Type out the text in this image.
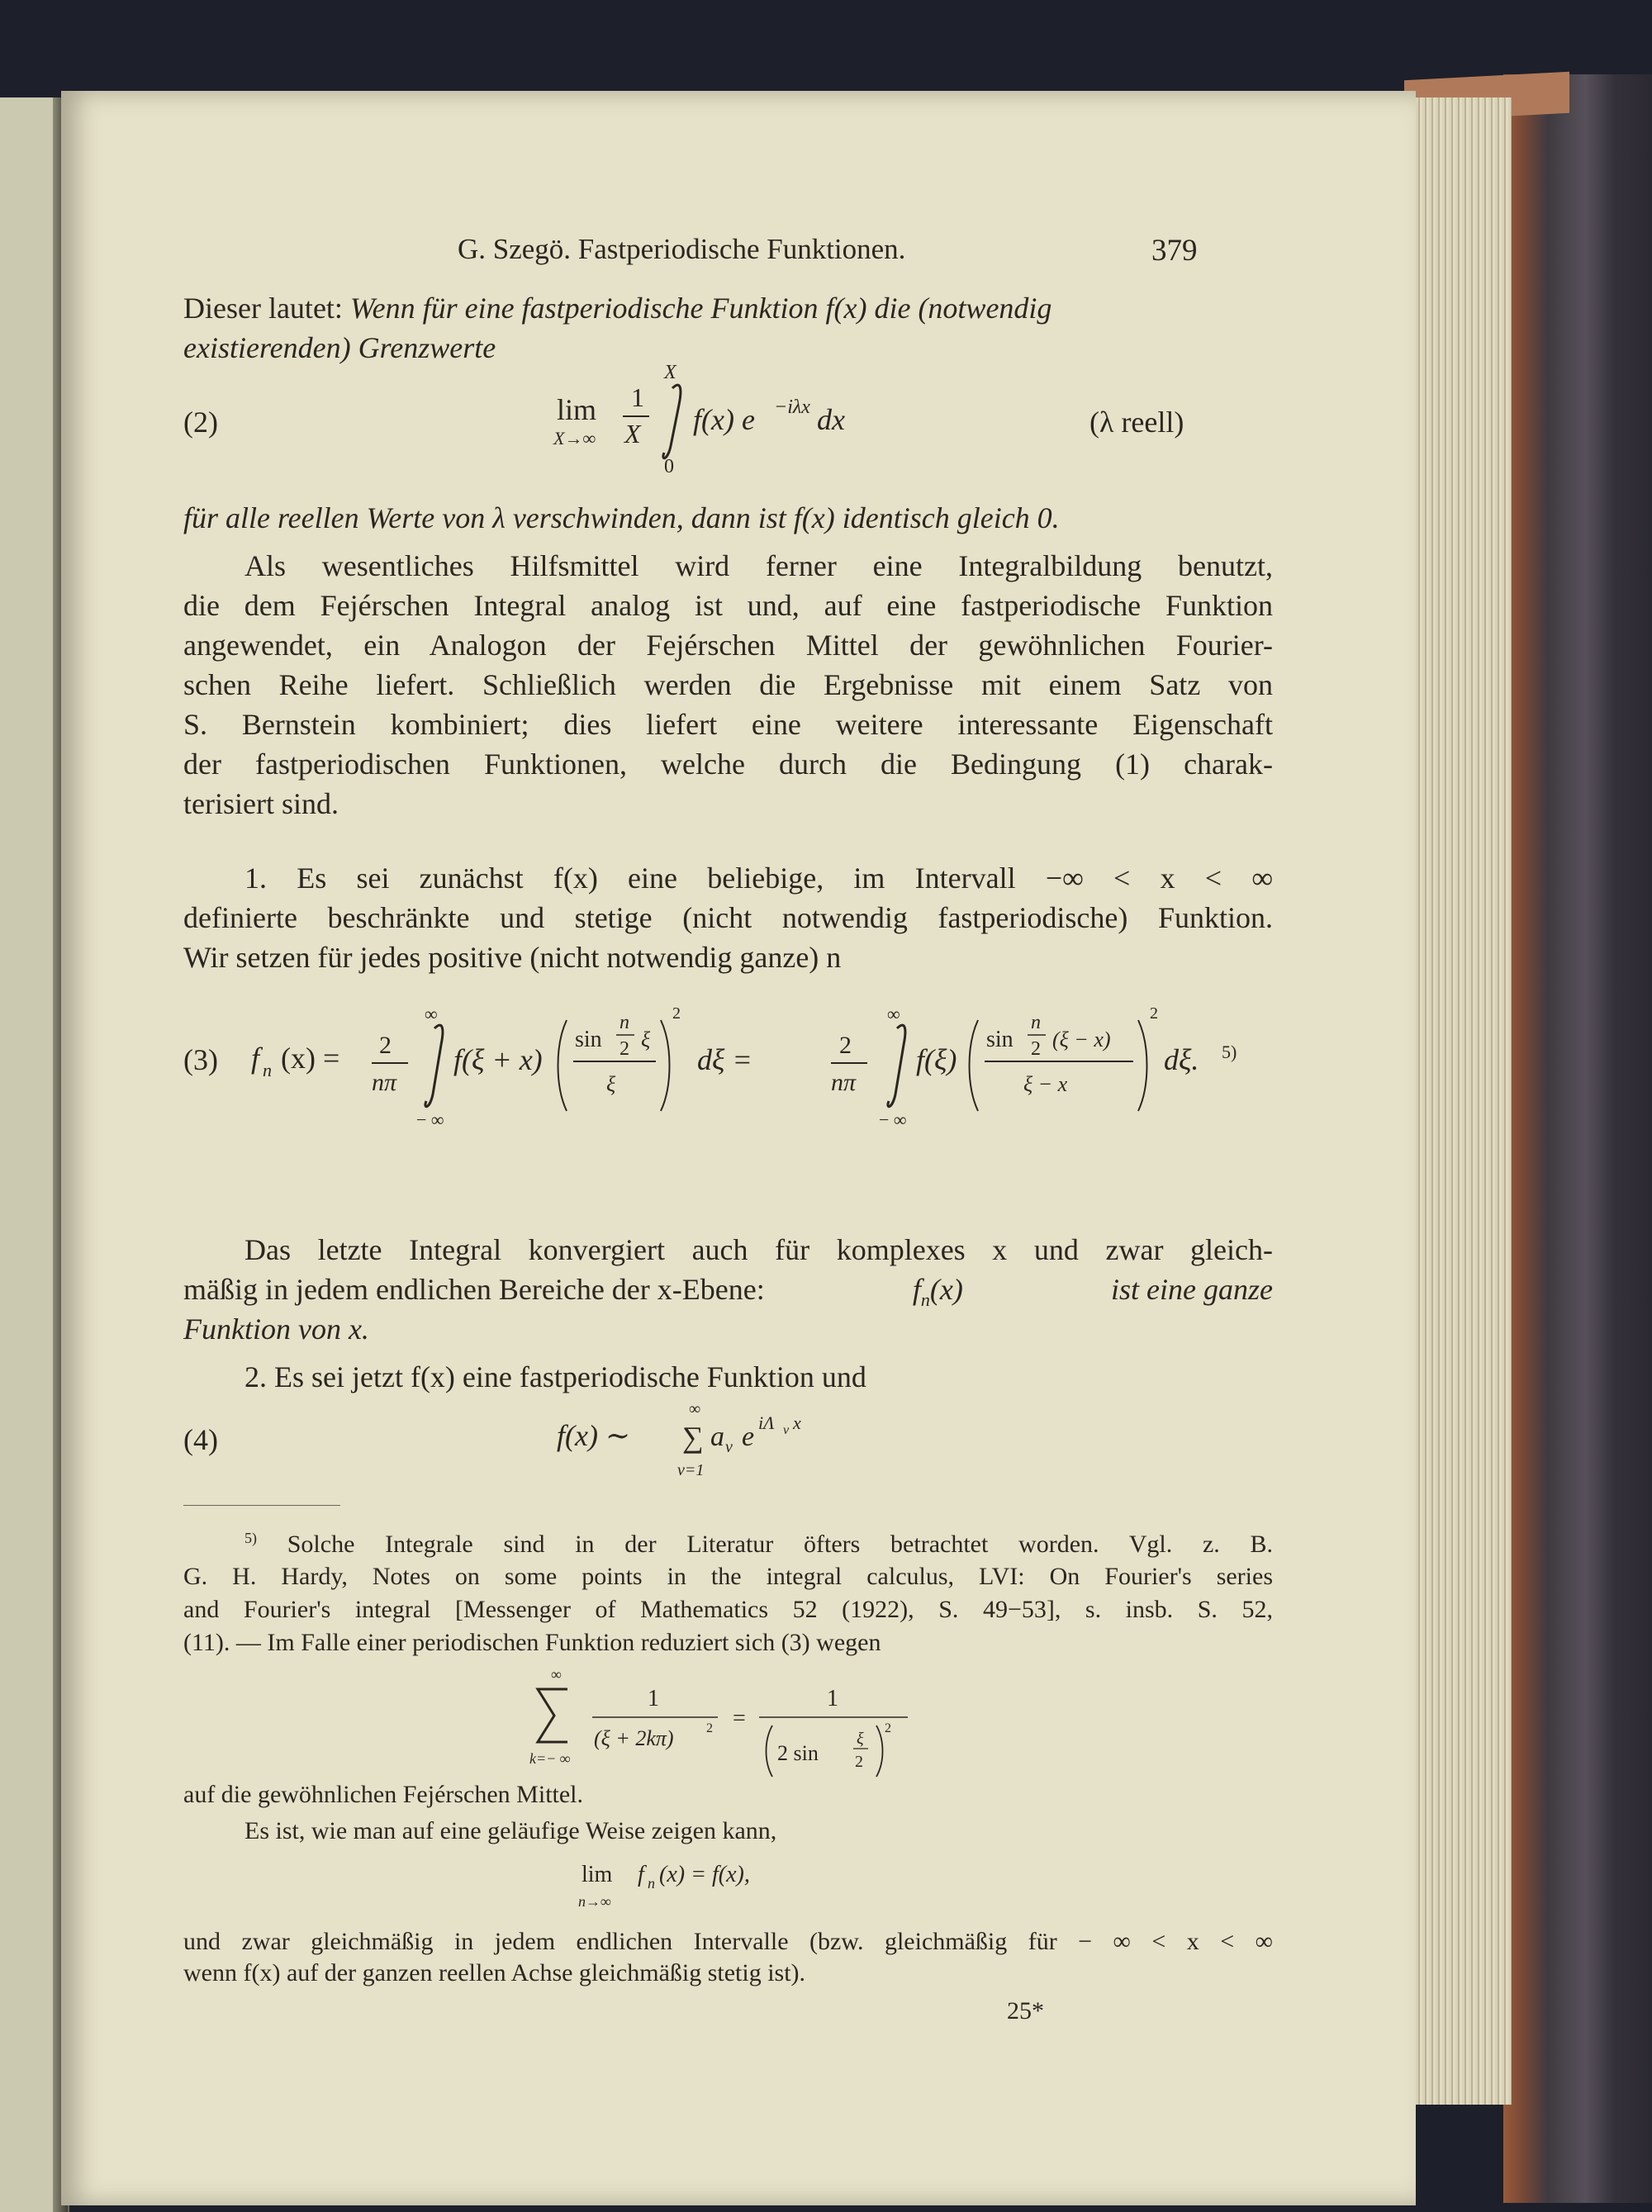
G. Szegö. Fastperiodische Funktionen.	379
Dieser lautet: Wenn für eine fastperiodische Funktion f(x) die (notwendig
existierenden) Grenzwerte
(2)	lim
X→∞
1
X
X
0
f(x) e −iλx dx	(λ reell)
für alle reellen Werte von λ verschwinden, dann ist f(x) identisch gleich 0.
Als wesentliches Hilfsmittel wird ferner eine Integralbildung benutzt,
die dem Fejérschen Integral analog ist und, auf eine fastperiodische Funktion
angewendet, ein Analogon der Fejérschen Mittel der gewöhnlichen Fourier-
schen Reihe liefert. Schließlich werden die Ergebnisse mit einem Satz von
S. Bernstein kombiniert; dies liefert eine weitere interessante Eigenschaft
der fastperiodischen Funktionen, welche durch die Bedingung (1) charak-
terisiert sind.
1. Es sei zunächst f(x) eine beliebige, im Intervall −∞ < x < ∞
definierte beschränkte und stetige (nicht notwendig fastperiodische) Funktion.
Wir setzen für jedes positive (nicht notwendig ganze) n
(3) f n (x) = 2
nπ
∞
− ∞
f(ξ + x)
sin
n
2 ξ
ξ
2
dξ =	2
nπ
∞
− ∞
f(ξ)
sin
n
2 (ξ − x)
ξ − x
2
dξ. 5)
Das letzte Integral konvergiert auch für komplexes x und zwar gleich-
mäßig in jedem endlichen Bereiche der x-Ebene:	$f_n(x)$	ist eine ganze
Funktion von x.
2. Es sei jetzt f(x) eine fastperiodische Funktion und
(4)	f(x) ∼
∞
∑
ν=1
a ν e iΛ ν x
$^{5)}$ Solche Integrale sind in der Literatur öfters betrachtet worden. Vgl. z. B.
G. H. Hardy, Notes on some points in the integral calculus, LVI: On Fourier's series
and Fourier's integral [Messenger of Mathematics 52 (1922), S. 49−53], s. insb. S. 52,
(11). — Im Falle einer periodischen Funktion reduziert sich (3) wegen
∞
k=− ∞
1
(ξ + 2kπ) 2 =
1
2 sin
ξ
2
2
auf die gewöhnlichen Fejérschen Mittel.
Es ist, wie man auf eine geläufige Weise zeigen kann,
lim
n→∞
f n (x) = f(x),
und zwar gleichmäßig in jedem endlichen Intervalle (bzw. gleichmäßig für − ∞ < x < ∞
wenn f(x) auf der ganzen reellen Achse gleichmäßig stetig ist).
25*
